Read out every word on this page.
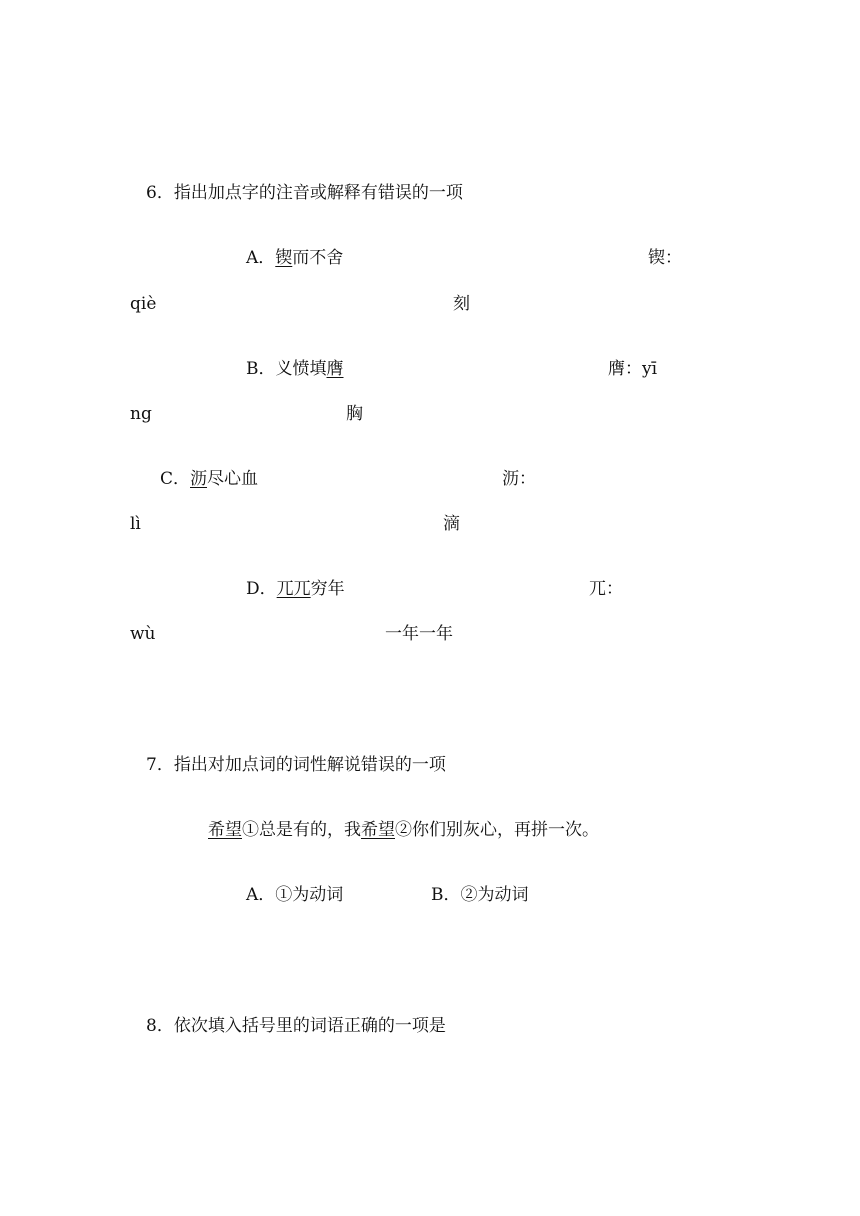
6．指出加点字的注音或解释有错误的一项
A．锲而不舍	锲：
qiè	刻
B．义愤填膺	膺：yī
ng	胸
C．沥尽心血	沥：
lì	滴
D．兀兀穷年	兀：
wù	一年一年
7．指出对加点词的词性解说错误的一项
希望①总是有的，我希望②你们别灰心，再拼一次。
A．①为动词	B．②为动词
8．依次填入括号里的词语正确的一项是
